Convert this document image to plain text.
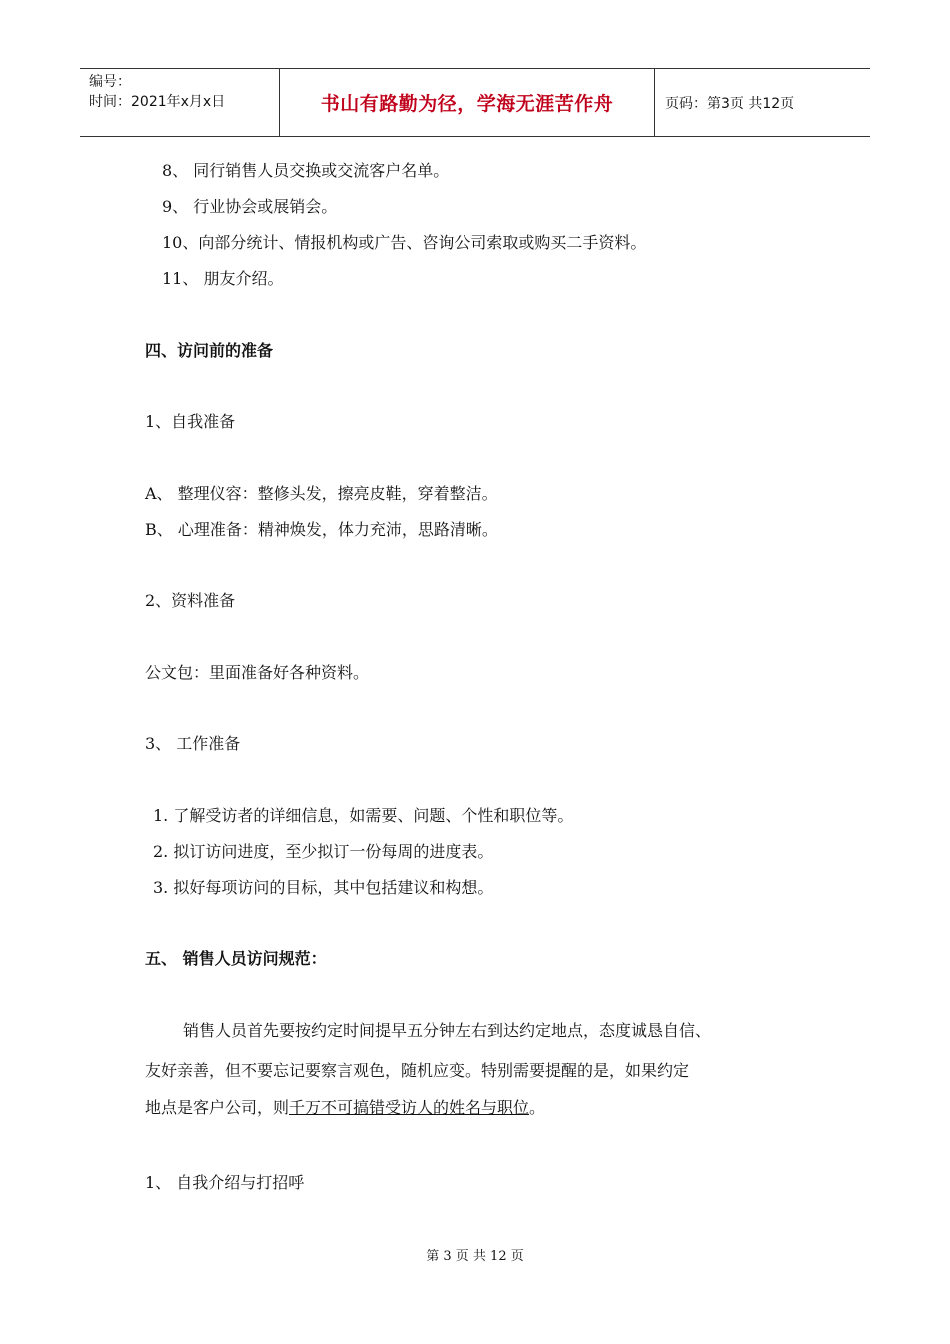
编号：
时间：2021年x月x日	书山有路勤为径，学海无涯苦作舟	页码：第3页 共12页
8、 同行销售人员交换或交流客户名单。
9、 行业协会或展销会。
10、向部分统计、情报机构或广告、咨询公司索取或购买二手资料。
11、 朋友介绍。
四、访问前的准备
1、自我准备
A、 整理仪容：整修头发，擦亮皮鞋，穿着整洁。
B、 心理准备：精神焕发，体力充沛，思路清晰。
2、资料准备
公文包：里面准备好各种资料。
3、 工作准备
1. 了解受访者的详细信息，如需要、问题、个性和职位等。
2. 拟订访问进度，至少拟订一份每周的进度表。
3. 拟好每项访问的目标，其中包括建议和构想。
五、 销售人员访问规范：
销售人员首先要按约定时间提早五分钟左右到达约定地点，态度诚恳自信、
友好亲善，但不要忘记要察言观色，随机应变。特别需要提醒的是，如果约定
地点是客户公司，则千万不可搞错受访人的姓名与职位。
1、 自我介绍与打招呼
第 3 页 共 12 页
